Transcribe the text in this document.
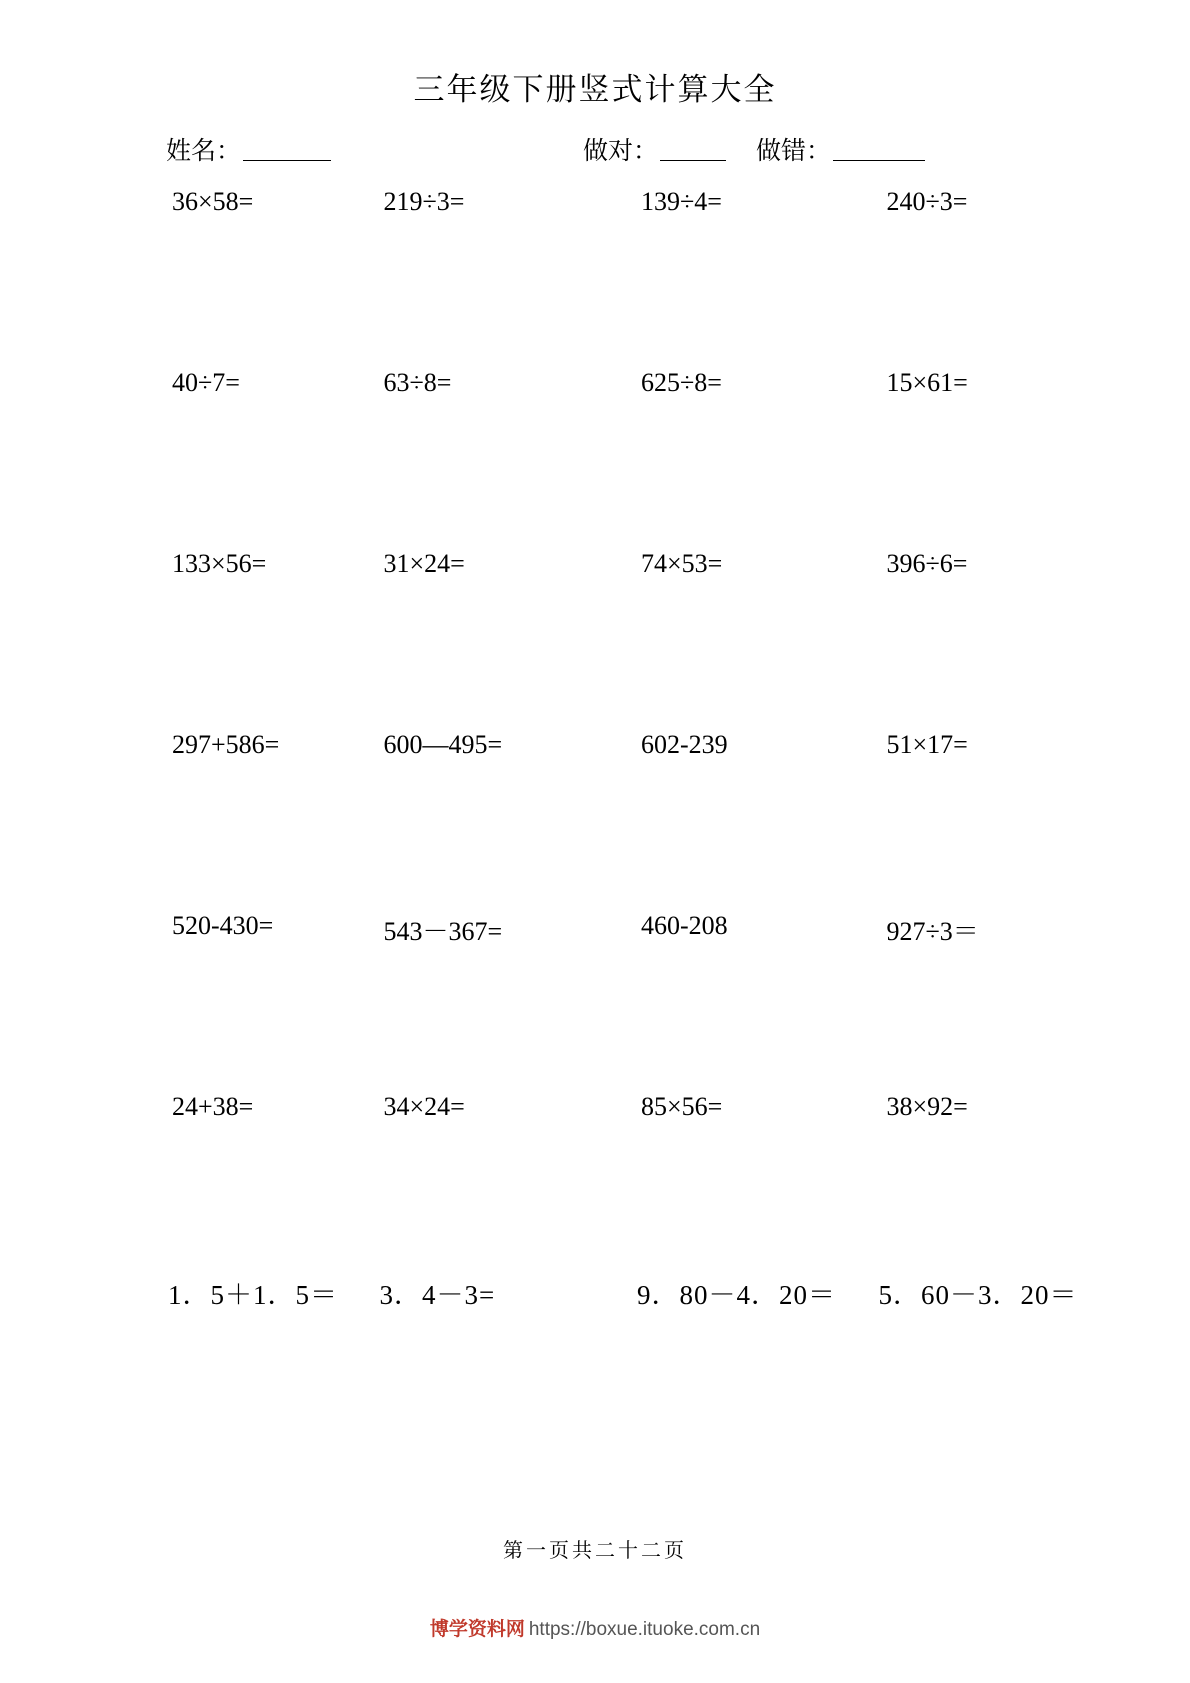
三年级下册竖式计算大全
姓名：	做对：	做错：
36×58=	219÷3=	139÷4=	240÷3=
40÷7=	63÷8=	625÷8=	15×61=
133×56=	31×24=	74×53=	396÷6=
297+586=	600—495=	602-239	51×17=
520-430=	543－367=	460-208	927÷3＝
24+38=	34×24=	85×56=	38×92=
1．5＋1．5＝	3．4－3=	9．80－4．20＝	5．60－3．20＝
第一页共二十二页
博学资料网 https://boxue.ituoke.com.cn
